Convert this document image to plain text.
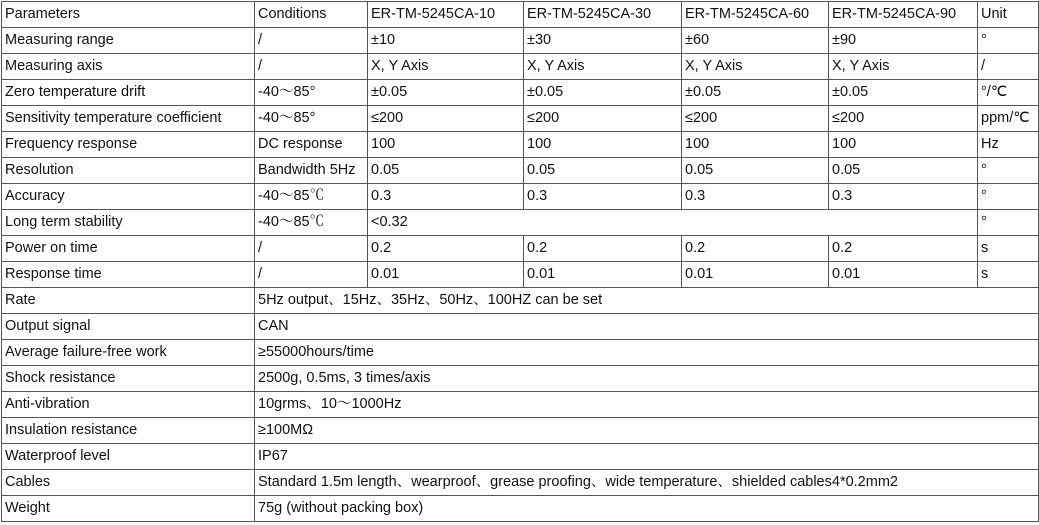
Parameters	Conditions	ER-TM-5245CA-10	ER-TM-5245CA-30	ER-TM-5245CA-60	ER-TM-5245CA-90	Unit
Measuring range	/	±10	±30	±60	±90	°
Measuring axis	/	X, Y Axis	X, Y Axis	X, Y Axis	X, Y Axis	/
Zero temperature drift	-40～85°	±0.05	±0.05	±0.05	±0.05	°/℃
Sensitivity temperature coefficient	-40～85°	≤200	≤200	≤200	≤200	ppm/℃
Frequency response	DC response	100	100	100	100	Hz
Resolution	Bandwidth 5Hz	0.05	0.05	0.05	0.05	°
Accuracy	-40～85℃	0.3	0.3	0.3	0.3	°
Long term stability	-40～85℃	<0.32				°
Power on time	/	0.2	0.2	0.2	0.2	s
Response time	/	0.01	0.01	0.01	0.01	s
Rate	5Hz output、15Hz、35Hz、50Hz、100HZ can be set					
Output signal	CAN					
Average failure-free work	≥55000hours/time					
Shock resistance	2500g, 0.5ms, 3 times/axis					
Anti-vibration	10grms、10～1000Hz					
Insulation resistance	≥100MΩ					
Waterproof level	IP67					
Cables	Standard 1.5m length、wearproof、grease proofing、wide temperature、shielded cables4*0.2mm2					
Weight	75g (without packing box)					
